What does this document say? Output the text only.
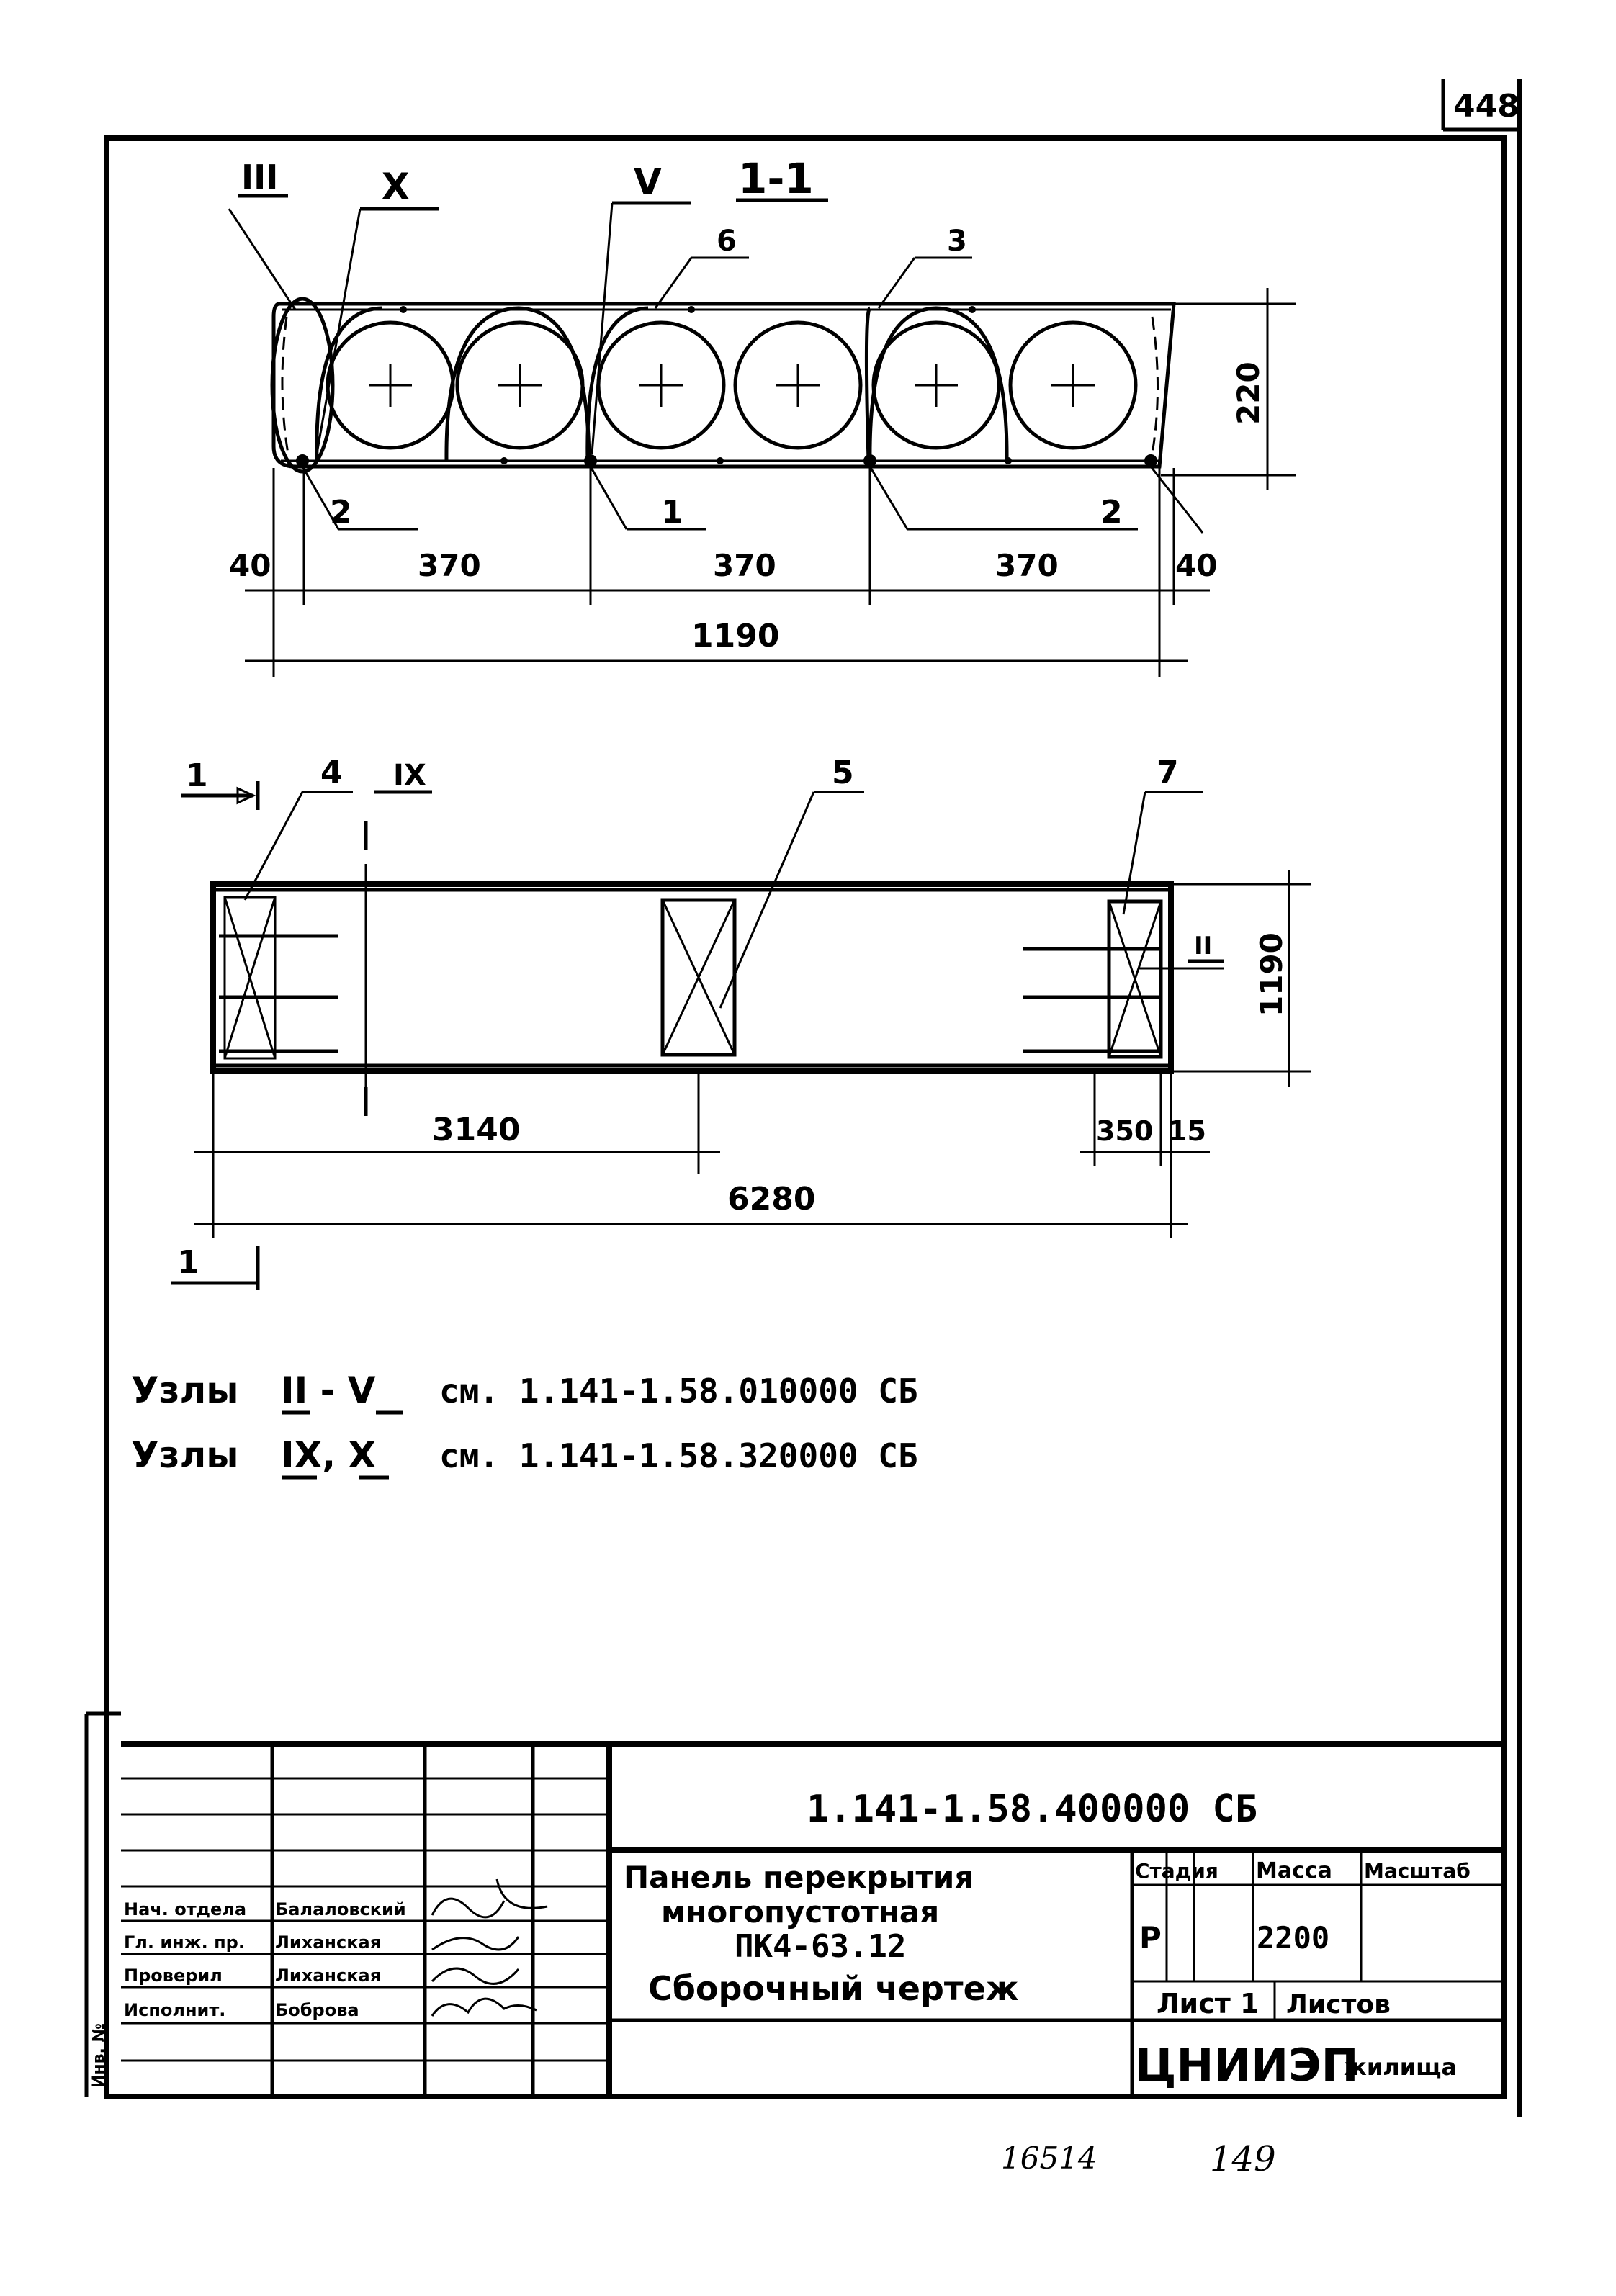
448
III	X	V 1-1
6	3
2	1	2
220
40	370	370	370	40
1190
1
1
4 IX	5	7
II 1190
3140	350 15
6280
Узлы II - V см. 1.141-1.58.010000 СБ
Узлы IX, X см. 1.141-1.58.320000 СБ
1.141-1.58.400000 СБ
Панель перекрытия
многопустотная
ПК4-63.12
Сборочный чертеж
Стадия Масса Масштаб
Р	2200
Лист 1 Листов
ЦНИИЭП
жилища
Нач. отдела Балаловский
Гл. инж. пр. Лиханская
Проверил	Лиханская
Исполнит.	Боброва
Инв. №
16514	149
